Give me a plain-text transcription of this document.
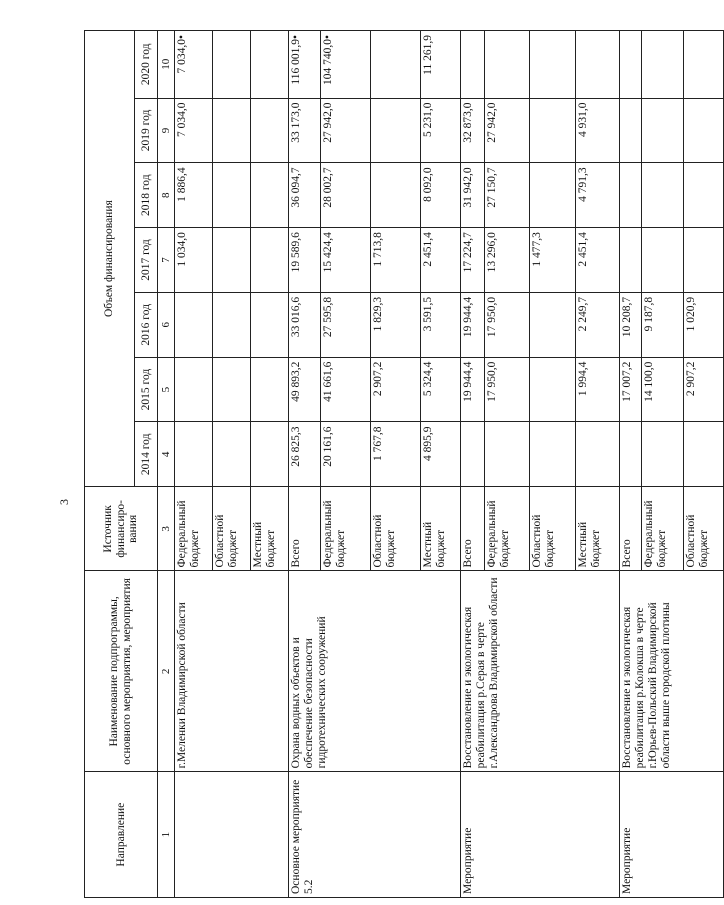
3
Направление	Наименование подпрограммы, основного мероприятия, мероприятия	Источник финансиро-вания	Объем финансирования						
			2014 год	2015 год	2016 год	2017 год	2018 год	2019 год	2020 год
1	2	3	4	5	6	7	8	9	10
	г.Меленки Владимирской области	Федеральный бюджет				1 034,0	1 886,4	7 034,0	7 034,0•
		Областной бюджет							
		Местный бюджет							
Основное мероприятие 5.2	Охрана водных объектов и обеспечение безопасности гидротехнических сооружений	Всего	26 825,3	49 893,2	33 016,6	19 589,6	36 094,7	33 173,0	116 001,9•
		Федеральный бюджет	20 161,6	41 661,6	27 595,8	15 424,4	28 002,7	27 942,0	104 740,0•
		Областной бюджет	1 767,8	2 907,2	1 829,3	1 713,8			
		Местный бюджет	4 895,9	5 324,4	3 591,5	2 451,4	8 092,0	5 231,0	11 261,9
Мероприятие	Восстановление и экологическая реабилитация р.Серая в черте г.Александрова Владимирской области	Всего		19 944,4	19 944,4	17 224,7	31 942,0	32 873,0	
		Федеральный бюджет		17 950,0	17 950,0	13 296,0	27 150,7	27 942,0	
		Областной бюджет				1 477,3			
		Местный бюджет		1 994,4	2 249,7	2 451,4	4 791,3	4 931,0	
Мероприятие	Восстановление и экологическая реабилитация р.Колокша в черте г.Юрьев-Польский Владимирской области выше городской плотины	Всего		17 007,2	10 208,7				
		Федеральный бюджет		14 100,0	9 187,8				
		Областной бюджет		2 907,2	1 020,9				
